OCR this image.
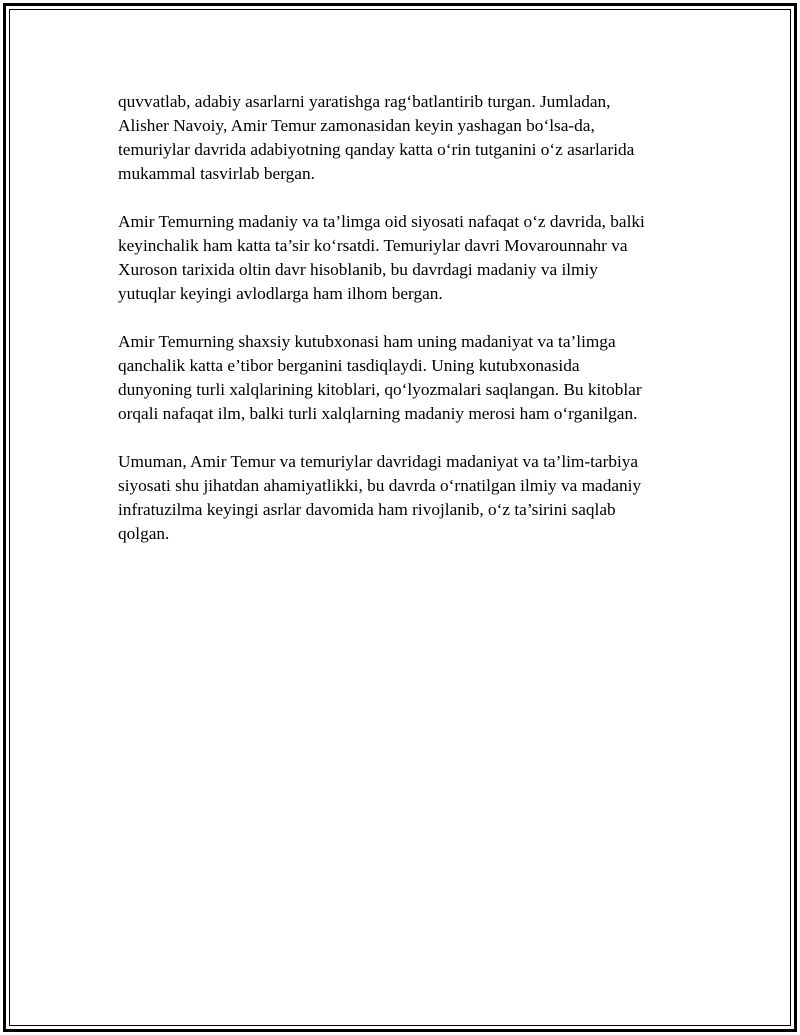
quvvatlab, adabiy asarlarni yaratishga rag‘batlantirib turgan. Jumladan,
Alisher Navoiy, Amir Temur zamonasidan keyin yashagan bo‘lsa-da,
temuriylar davrida adabiyotning qanday katta o‘rin tutganini o‘z asarlarida
mukammal tasvirlab bergan.

Amir Temurning madaniy va ta’limga oid siyosati nafaqat o‘z davrida, balki
keyinchalik ham katta ta’sir ko‘rsatdi. Temuriylar davri Movarounnahr va
Xuroson tarixida oltin davr hisoblanib, bu davrdagi madaniy va ilmiy
yutuqlar keyingi avlodlarga ham ilhom bergan.

Amir Temurning shaxsiy kutubxonasi ham uning madaniyat va ta’limga
qanchalik katta e’tibor berganini tasdiqlaydi. Uning kutubxonasida
dunyoning turli xalqlarining kitoblari, qo‘lyozmalari saqlangan. Bu kitoblar
orqali nafaqat ilm, balki turli xalqlarning madaniy merosi ham o‘rganilgan.

Umuman, Amir Temur va temuriylar davridagi madaniyat va ta’lim-tarbiya
siyosati shu jihatdan ahamiyatlikki, bu davrda o‘rnatilgan ilmiy va madaniy
infratuzilma keyingi asrlar davomida ham rivojlanib, o‘z ta’sirini saqlab
qolgan.
